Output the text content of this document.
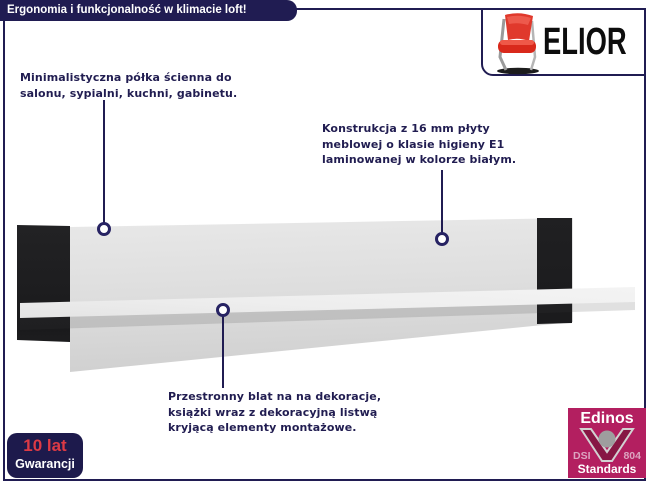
Ergonomia i funkcjonalność w klimacie loft!
ELIOR
Minimalistyczna półka ścienna do
salonu, sypialni, kuchni, gabinetu.
Konstrukcja z 16 mm płyty
meblowej o klasie higieny E1
laminowanej w kolorze białym.
Przestronny blat na na dekoracje,
książki wraz z dekoracyjną listwą
kryjącą elementy montażowe.
10 lat
Gwarancji
Edinos
DSI	804
Standards
